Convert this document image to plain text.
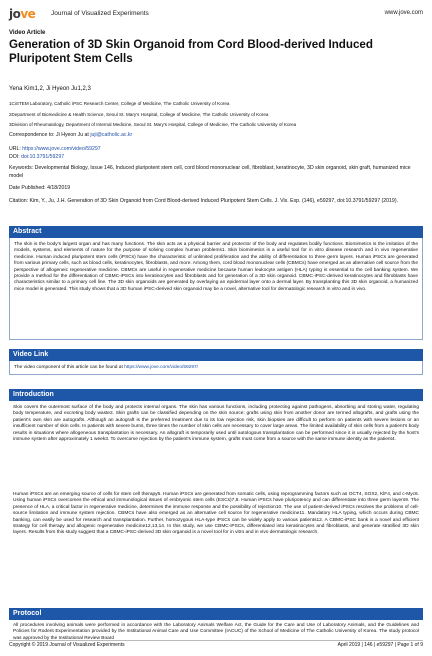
jove Journal of Visualized Experiments	www.jove.com
Video Article
Generation of 3D Skin Organoid from Cord Blood-derived Induced Pluripotent Stem Cells
Yena Kim1,2, Ji Hyeon Ju1,2,3
1CiSTEM Laboratory, Catholic iPSC Research Center, College of Medicine, The Catholic University of Korea
2Department of Biomedicine & Health Science, Seoul St. Mary's Hospital, College of Medicine, The Catholic University of Korea
3Division of Rheumatology, Department of Internal Medicine, Seoul St. Mary's Hospital, College of Medicine, The Catholic University of Korea
Correspondence to: Ji Hyeon Ju at juji@catholic.ac.kr
URL: https://www.jove.com/video/59297
DOI: doi:10.3791/59297
Keywords: Developmental Biology, Issue 146, Induced pluripotent stem cell, cord blood mononuclear cell, fibroblast, keratinocyte, 3D skin organoid, skin graft, humanized mice model
Date Published: 4/18/2019
Citation: Kim, Y., Ju, J.H. Generation of 3D Skin Organoid from Cord Blood-derived Induced Pluripotent Stem Cells. J. Vis. Exp. (146), e59297, doi:10.3791/59297 (2019).
Abstract
The skin is the body's largest organ and has many functions. The skin acts as a physical barrier and protector of the body and regulates bodily functions. Biomimetics is the imitation of the models, systems, and elements of nature for the purpose of solving complex human problems1. Skin biomimetics is a useful tool for in vitro disease research and in vivo regenerative medicine. Human induced pluripotent stem cells (iPSCs) have the characteristic of unlimited proliferation and the ability of differentiation to three germ layers. Human iPSCs are generated from various primary cells, such as blood cells, keratinocytes, fibroblasts, and more. Among them, cord blood mononuclear cells (CBMCs) have emerged as an alternative cell source from the perspective of allogeneic regenerative medicine. CBMCs are useful in regenerative medicine because human leukocyte antigen (HLA) typing is essential to the cell banking system. We provide a method for the differentiation of CBMC-iPSCs into keratinocytes and fibroblasts and for generation of a 3D skin organoid. CBMC-iPSC-derived keratinocytes and fibroblasts have characteristics similar to a primary cell line. The 3D skin organoids are generated by overlaying an epidermal layer onto a dermal layer. By transplanting this 3D skin organoid, a humanized mice model is generated. This study shows that a 3D human iPSC-derived skin organoid may be a novel, alternative tool for dermatologic research in vitro and in vivo.
Video Link
The video component of this article can be found at https://www.jove.com/video/59297/
Introduction
Skin covers the outermost surface of the body and protects internal organs. The skin has various functions, including protecting against pathogens, absorbing and storing water, regulating body temperature, and excreting body waste2. Skin grafts can be classified depending on the skin source; grafts using skin from another donor are termed allografts, and grafts using the patient's own skin are autografts. Although an autograft is the preferred treatment due to its low rejection risk, skin biopsies are difficult to perform on patients with severe lesions or an insufficient number of skin cells. In patients with severe burns, three times the number of skin cells are necessary to cover large areas. The limited availability of skin cells from a patient's body results in situations where allogeneous transplantation is necessary. An allograft is temporarily used until autologous transplantation can be performed since it is usually rejected by the host's immune system after approximately 1 week3. To overcome rejection by the patient's immune system, grafts must come from a source with the same immune identity as the patient4.
Human iPSCs are an emerging source of cells for stem cell therapy5. Human iPSCs are generated from somatic cells, using reprogramming factors such as OCT4, SOX2, KlF4, and c-Myc6. Using human iPSCs overcomes the ethical and immunological issues of embryonic stem cells (ESCs)7,8. Human iPSCs have pluripotency and can differentiate into three germ layers9. The presence of HLA, a critical factor in regenerative medicine, determines the immune response and the possibility of rejection10. The use of patient-derived iPSCs resolves the problems of cell-source limitation and immune system rejection. CBMCs have also emerged as an alternative cell source for regenerative medicine11. Mandatory HLA typing, which occurs during CBMC banking, can easily be used for research and transplantation. Further, homozygous HLA-type iPSCs can be widely apply to various patients12. A CBMC-iPSC bank is a novel and efficient strategy for cell therapy and allogenic regenerative medicine12,13,14. In this study, we use CBMC-iPSCs, differentiated into keratinocytes and fibroblasts, and generate stratified 3D skin layers. Results from this study suggest that a CBMC-iPSC-derived 3D skin organoid is a novel tool for in vitro and in vivo dermatologic research.
Protocol
All procedures involving animals were performed in accordance with the Laboratory Animals Welfare Act, the Guide for the Care and Use of Laboratory Animals, and the Guidelines and Policies for Rodent Experimentation provided by the Institutional Animal Care and Use Committee (IACUC) of the School of Medicine of The Catholic University of Korea. The study protocol was approved by the Institutional Review Board
Copyright © 2019 Journal of Visualized Experiments	April 2019 | 146 | e59297 | Page 1 of 9
